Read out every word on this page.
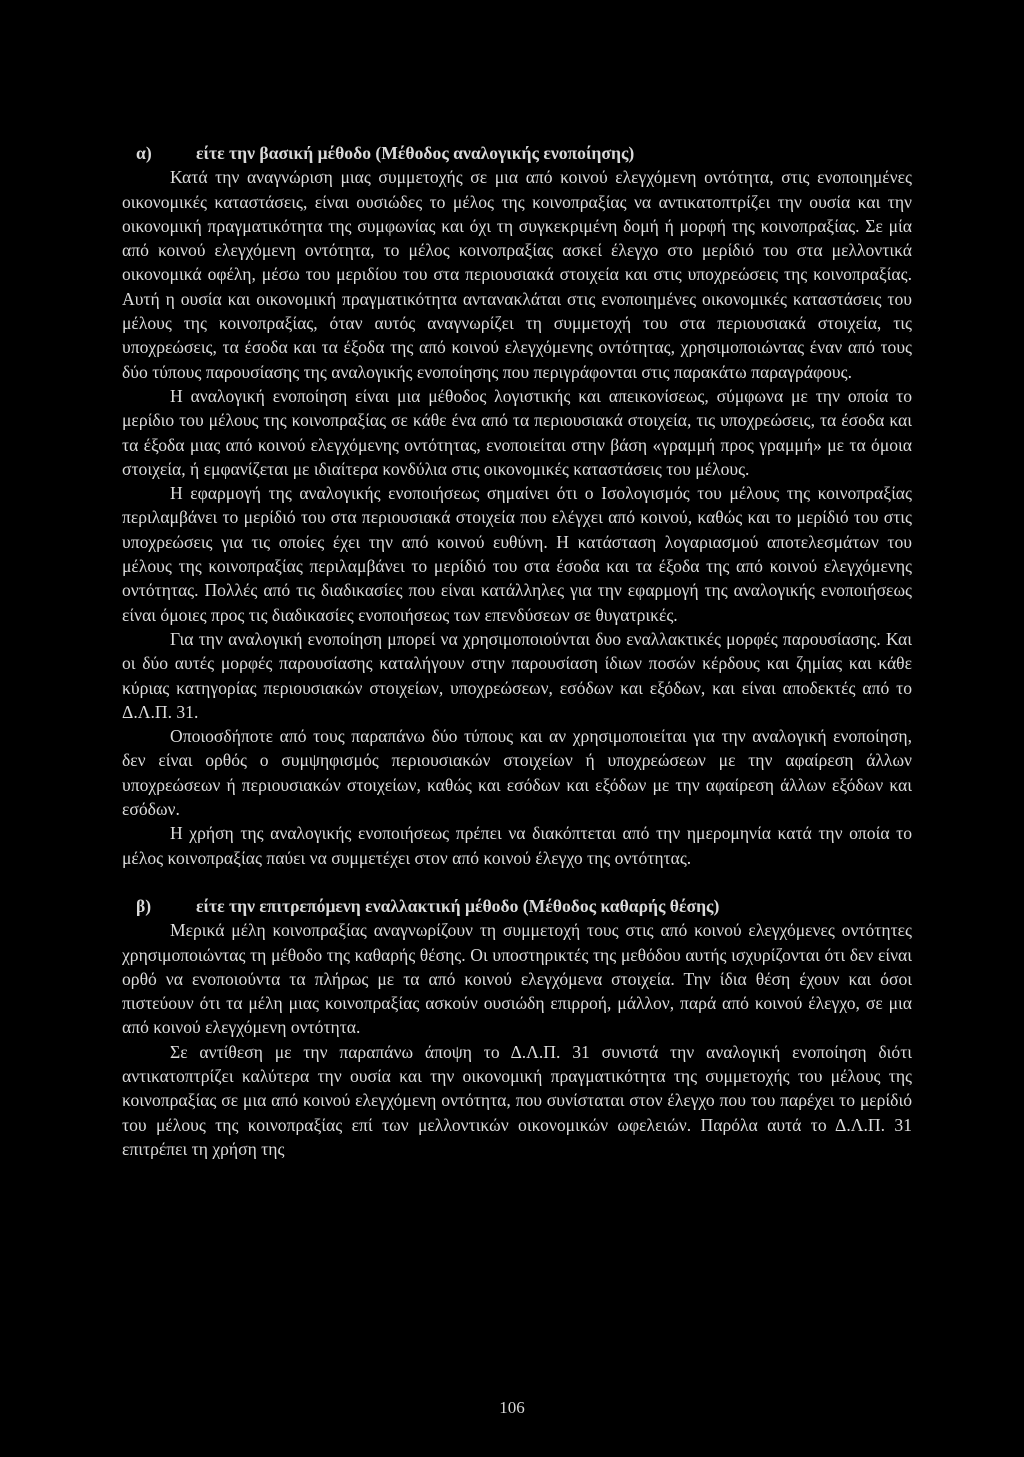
α)	είτε την βασική μέθοδο (Μέθοδος αναλογικής ενοποίησης)

Κατά την αναγνώριση μιας συμμετοχής σε μια από κοινού ελεγχόμενη οντότητα, στις ενοποιημένες οικονομικές καταστάσεις, είναι ουσιώδες το μέλος της κοινοπραξίας να αντικατοπτρίζει την ουσία και την οικονομική πραγματικότητα της συμφωνίας και όχι τη συγκεκριμένη δομή ή μορφή της κοινοπραξίας. Σε μία από κοινού ελεγχόμενη οντότητα, το μέλος κοινοπραξίας ασκεί έλεγχο στο μερίδιό του στα μελλοντικά οικονομικά οφέλη, μέσω του μεριδίου του στα περιουσιακά στοιχεία και στις υποχρεώσεις της κοινοπραξίας. Αυτή η ουσία και οικονομική πραγματικότητα αντανακλάται στις ενοποιημένες οικονομικές καταστάσεις του μέλους της κοινοπραξίας, όταν αυτός αναγνωρίζει τη συμμετοχή του στα περιουσιακά στοιχεία, τις υποχρεώσεις, τα έσοδα και τα έξοδα της από κοινού ελεγχόμενης οντότητας, χρησιμοποιώντας έναν από τους δύο τύπους παρουσίασης της αναλογικής ενοποίησης που περιγράφονται στις παρακάτω παραγράφους.

Η αναλογική ενοποίηση είναι μια μέθοδος λογιστικής και απεικονίσεως, σύμφωνα με την οποία το μερίδιο του μέλους της κοινοπραξίας σε κάθε ένα από τα περιουσιακά στοιχεία, τις υποχρεώσεις, τα έσοδα και τα έξοδα μιας από κοινού ελεγχόμενης οντότητας, ενοποιείται στην βάση «γραμμή προς γραμμή» με τα όμοια στοιχεία, ή εμφανίζεται με ιδιαίτερα κονδύλια στις οικονομικές καταστάσεις του μέλους.

Η εφαρμογή της αναλογικής ενοποιήσεως σημαίνει ότι ο Ισολογισμός του μέλους της κοινοπραξίας περιλαμβάνει το μερίδιό του στα περιουσιακά στοιχεία που ελέγχει από κοινού, καθώς και το μερίδιό του στις υποχρεώσεις για τις οποίες έχει την από κοινού ευθύνη. Η κατάσταση λογαριασμού αποτελεσμάτων του μέλους της κοινοπραξίας περιλαμβάνει το μερίδιό του στα έσοδα και τα έξοδα της από κοινού ελεγχόμενης οντότητας. Πολλές από τις διαδικασίες που είναι κατάλληλες για την εφαρμογή της αναλογικής ενοποιήσεως είναι όμοιες προς τις διαδικασίες ενοποιήσεως των επενδύσεων σε θυγατρικές.

Για την αναλογική ενοποίηση μπορεί να χρησιμοποιούνται δυο εναλλακτικές μορφές παρουσίασης. Και οι δύο αυτές μορφές παρουσίασης καταλήγουν στην παρουσίαση ίδιων ποσών κέρδους και ζημίας και κάθε κύριας κατηγορίας περιουσιακών στοιχείων, υποχρεώσεων, εσόδων και εξόδων, και είναι αποδεκτές από το Δ.Λ.Π. 31.

Οποιοσδήποτε από τους παραπάνω δύο τύπους και αν χρησιμοποιείται για την αναλογική ενοποίηση, δεν είναι ορθός ο συμψηφισμός περιουσιακών στοιχείων ή υποχρεώσεων με την αφαίρεση άλλων υποχρεώσεων ή περιουσιακών στοιχείων, καθώς και εσόδων και εξόδων με την αφαίρεση άλλων εξόδων και εσόδων.

Η χρήση της αναλογικής ενοποιήσεως πρέπει να διακόπτεται από την ημερομηνία κατά την οποία το μέλος κοινοπραξίας παύει να συμμετέχει στον από κοινού έλεγχο της οντότητας.

β)	είτε την επιτρεπόμενη εναλλακτική μέθοδο (Μέθοδος καθαρής θέσης)

Μερικά μέλη κοινοπραξίας αναγνωρίζουν τη συμμετοχή τους στις από κοινού ελεγχόμενες οντότητες χρησιμοποιώντας τη μέθοδο της καθαρής θέσης. Οι υποστηρικτές της μεθόδου αυτής ισχυρίζονται ότι δεν είναι ορθό να ενοποιούντα τα πλήρως με τα από κοινού ελεγχόμενα στοιχεία. Την ίδια θέση έχουν και όσοι πιστεύουν ότι τα μέλη μιας κοινοπραξίας ασκούν ουσιώδη επιρροή, μάλλον, παρά από κοινού έλεγχο, σε μια από κοινού ελεγχόμενη οντότητα.

Σε αντίθεση με την παραπάνω άποψη το Δ.Λ.Π. 31 συνιστά την αναλογική ενοποίηση διότι αντικατοπτρίζει καλύτερα την ουσία και την οικονομική πραγματικότητα της συμμετοχής του μέλους της κοινοπραξίας σε μια από κοινού ελεγχόμενη οντότητα, που συνίσταται στον έλεγχο που του παρέχει το μερίδιό του μέλους της κοινοπραξίας επί των μελλοντικών οικονομικών ωφελειών. Παρόλα αυτά το Δ.Λ.Π. 31 επιτρέπει τη χρήση της

106
